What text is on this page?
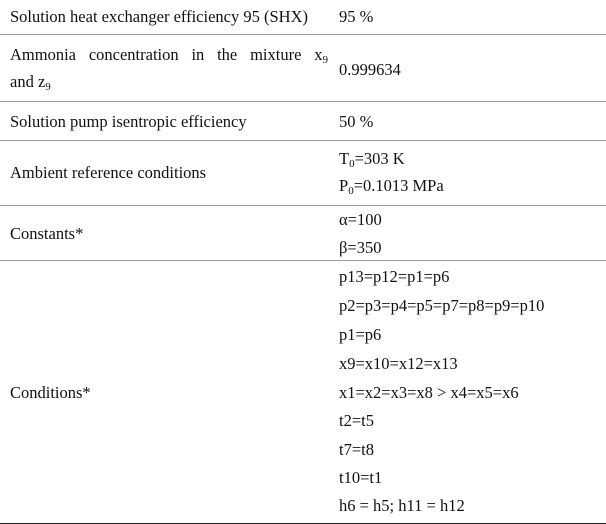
Solution heat exchanger efficiency 95 (SHX) 95 %
Ammonia concentration in the mixture $x_9$
and $z_9$
0.999634
Solution pump isentropic efficiency	50 %
Ambient reference conditions
$T_0=303$ K
$P_0=0.1013$ MPa
Constants*
α=100
β=350
Conditions*
p13=p12=p1=p6
p2=p3=p4=p5=p7=p8=p9=p10
p1=p6
x9=x10=x12=x13
x1=x2=x3=x8 > x4=x5=x6
t2=t5
t7=t8
t10=t1
h6 = h5; h11 = h12
